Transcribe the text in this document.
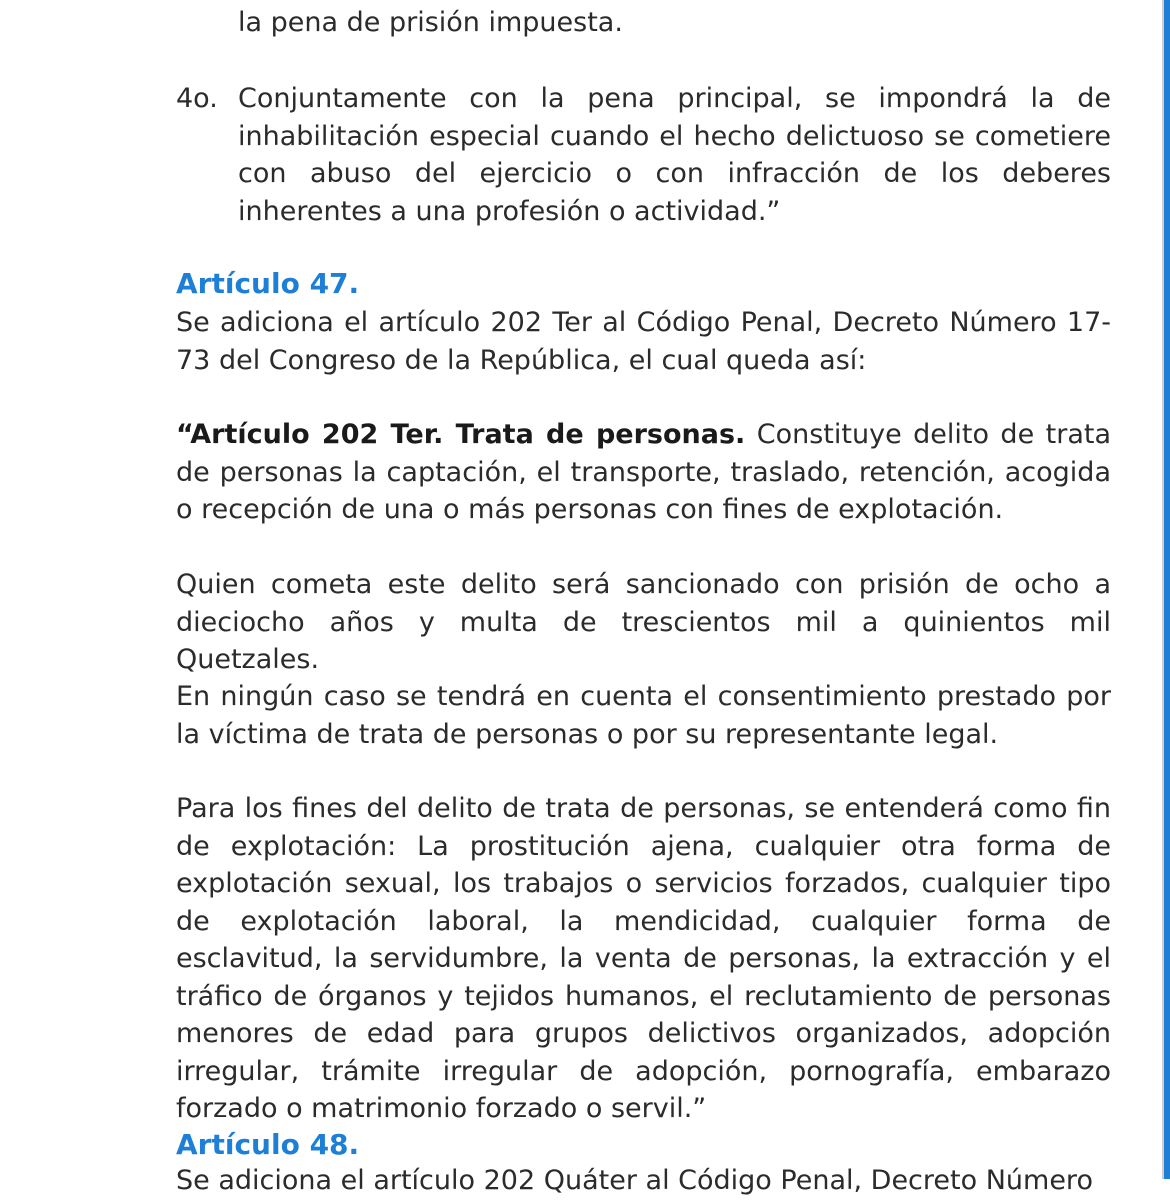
la pena de prisión impuesta.

4o. Conjuntamente con la pena principal, se impondrá la de inhabilitación especial cuando el hecho delictuoso se cometiere con abuso del ejercicio o con infracción de los deberes inherentes a una profesión o actividad.”

Artículo 47.

Se adiciona el artículo 202 Ter al Código Penal, Decreto Número 17- 73 del Congreso de la República, el cual queda así:

“Artículo 202 Ter. Trata de personas. Constituye delito de trata de personas la captación, el transporte, traslado, retención, acogida o recepción de una o más personas con fines de explotación.

Quien cometa este delito será sancionado con prisión de ocho a dieciocho años y multa de trescientos mil a quinientos mil Quetzales.

En ningún caso se tendrá en cuenta el consentimiento prestado por la víctima de trata de personas o por su representante legal.

Para los fines del delito de trata de personas, se entenderá como fin de explotación: La prostitución ajena, cualquier otra forma de explotación sexual, los trabajos o servicios forzados, cualquier tipo de explotación laboral, la mendicidad, cualquier forma de esclavitud, la servidumbre, la venta de personas, la extracción y el tráfico de órganos y tejidos humanos, el reclutamiento de personas menores de edad para grupos delictivos organizados, adopción irregular, trámite irregular de adopción, pornografía, embarazo forzado o matrimonio forzado o servil.”

Artículo 48.
Se adiciona el artículo 202 Quáter al Código Penal, Decreto Número
